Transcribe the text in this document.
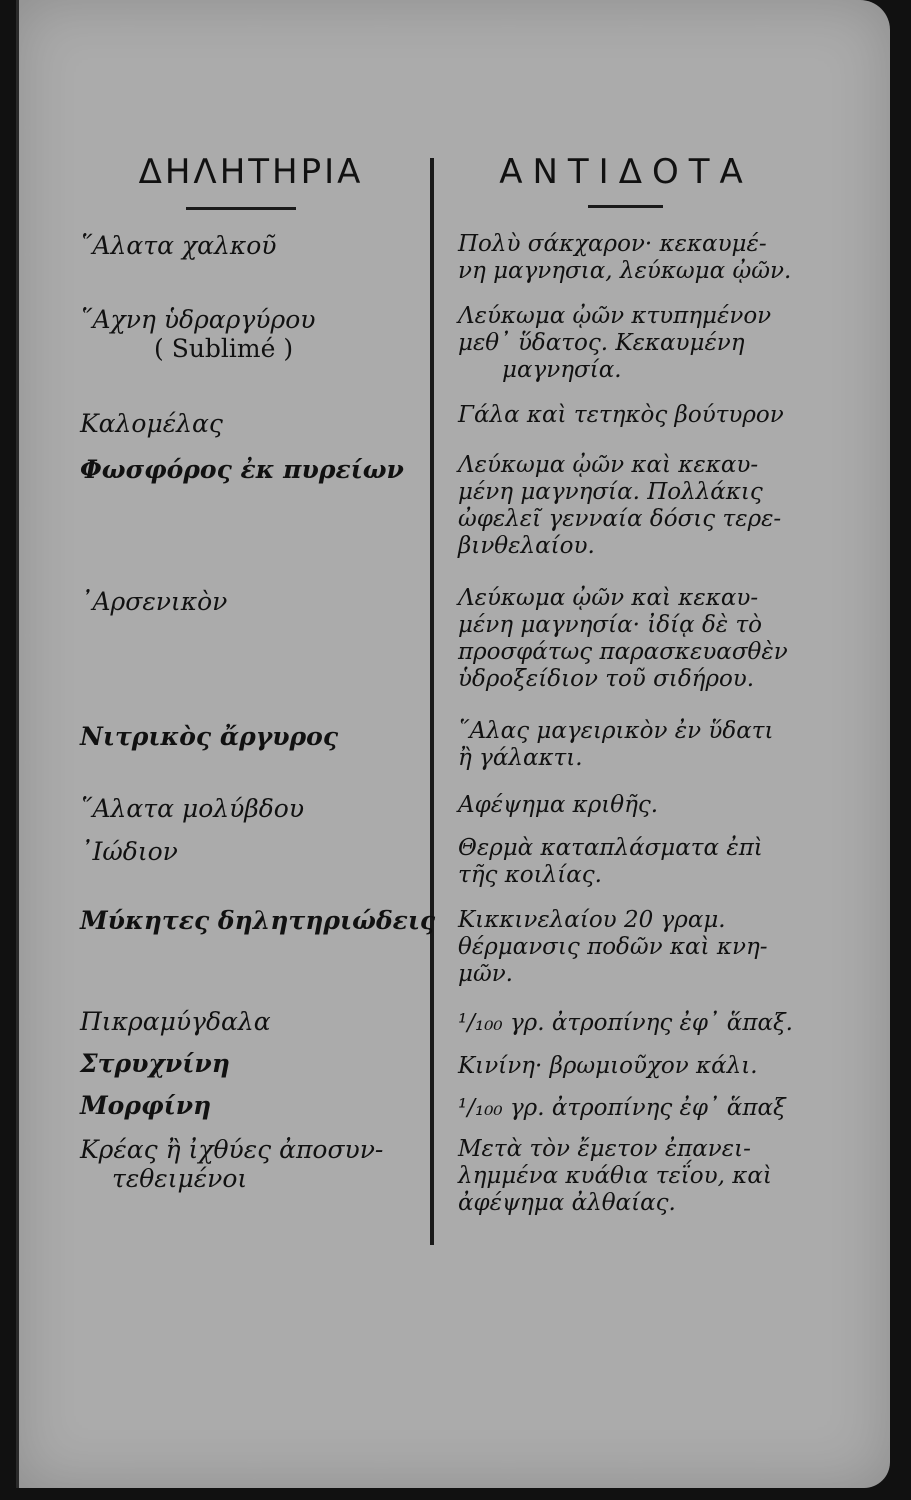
ΔΗΛΗΤΗΡΙΑ	ΑΝΤΙΔΟΤΑ
῞Αλατα χαλκοῦ
῞Αχνη ὑδραργύρου
( Sublimé )
Καλομέλας
Φωσφόρος ἐκ πυρείων
᾿Αρσενικὸν
Νιτρικὸς ἄργυρος
῞Αλατα μολύβδου
᾿Ιώδιον
Μύκητες δηλητηριώδεις
Πικραμύγδαλα
Στρυχνίνη
Μορφίνη
Κρέας ἢ ἰχθύες ἀποσυν-
τεθειμένοι
Πολὺ σάκχαρον· κεκαυμέ-
νη μαγνησια, λεύκωμα ᾠῶν.
Λεύκωμα ᾠῶν κτυπημένον
μεθ᾽ ὕδατος. Κεκαυμένη
μαγνησία.
Γάλα καὶ τετηκὸς βούτυρον
Λεύκωμα ᾠῶν καὶ κεκαυ-
μένη μαγνησία. Πολλάκις
ὠφελεῖ γενναία δόσις τερε-
βινθελαίου.
Λεύκωμα ᾠῶν καὶ κεκαυ-
μένη μαγνησία· ἰδίᾳ δὲ τὸ
προσφάτως παρασκευασθὲν
ὑδροξείδιον τοῦ σιδήρου.
῞Αλας μαγειρικὸν ἐν ὕδατι
ἢ γάλακτι.
Αφέψημα κριθῆς.
Θερμὰ καταπλάσματα ἐπὶ
τῆς κοιλίας.
Κικκινελαίου 20 γραμ.
θέρμανσις ποδῶν καὶ κνη-
μῶν.
¹/₁₀₀ γρ. ἀτροπίνης ἐφ᾽ ἅπαξ.
Κινίνη· βρωμιοῦχον κάλι.
¹/₁₀₀ γρ. ἀτροπίνης ἐφ᾽ ἅπαξ
Μετὰ τὸν ἔμετον ἐπανει-
λημμένα κυάθια τεΐου, καὶ
ἀφέψημα ἀλθαίας.
